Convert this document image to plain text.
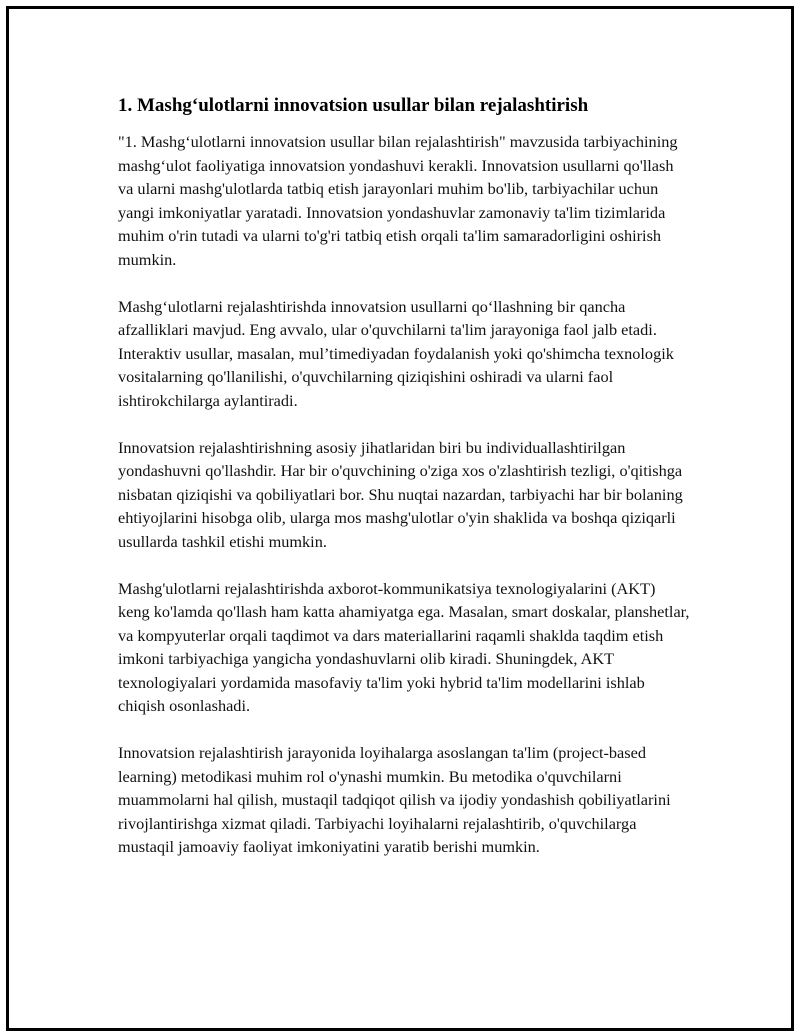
1. Mashg‘ulotlarni innovatsion usullar bilan rejalashtirish

"1. Mashg‘ulotlarni innovatsion usullar bilan rejalashtirish" mavzusida tarbiyachining mashg‘ulot faoliyatiga innovatsion yondashuvi kerakli. Innovatsion usullarni qo'llash va ularni mashg'ulotlarda tatbiq etish jarayonlari muhim bo'lib, tarbiyachilar uchun yangi imkoniyatlar yaratadi. Innovatsion yondashuvlar zamonaviy ta'lim tizimlarida muhim o'rin tutadi va ularni to'g'ri tatbiq etish orqali ta'lim samaradorligini oshirish mumkin.

Mashg‘ulotlarni rejalashtirishda innovatsion usullarni qo‘llashning bir qancha afzalliklari mavjud. Eng avvalo, ular o'quvchilarni ta'lim jarayoniga faol jalb etadi. Interaktiv usullar, masalan, mul’timediyadan foydalanish yoki qo'shimcha texnologik vositalarning qo'llanilishi, o'quvchilarning qiziqishini oshiradi va ularni faol ishtirokchilarga aylantiradi.

Innovatsion rejalashtirishning asosiy jihatlaridan biri bu individuallashtirilgan yondashuvni qo'llashdir. Har bir o'quvchining o'ziga xos o'zlashtirish tezligi, o'qitishga nisbatan qiziqishi va qobiliyatlari bor. Shu nuqtai nazardan, tarbiyachi har bir bolaning ehtiyojlarini hisobga olib, ularga mos mashg'ulotlar o'yin shaklida va boshqa qiziqarli usullarda tashkil etishi mumkin.

Mashg'ulotlarni rejalashtirishda axborot-kommunikatsiya texnologiyalarini (AKT) keng ko'lamda qo'llash ham katta ahamiyatga ega. Masalan, smart doskalar, planshetlar, va kompyuterlar orqali taqdimot va dars materiallarini raqamli shaklda taqdim etish imkoni tarbiyachiga yangicha yondashuvlarni olib kiradi. Shuningdek, AKT texnologiyalari yordamida masofaviy ta'lim yoki hybrid ta'lim modellarini ishlab chiqish osonlashadi.

Innovatsion rejalashtirish jarayonida loyihalarga asoslangan ta'lim (project-based learning) metodikasi muhim rol o'ynashi mumkin. Bu metodika o'quvchilarni muammolarni hal qilish, mustaqil tadqiqot qilish va ijodiy yondashish qobiliyatlarini rivojlantirishga xizmat qiladi. Tarbiyachi loyihalarni rejalashtirib, o'quvchilarga mustaqil jamoaviy faoliyat imkoniyatini yaratib berishi mumkin.
